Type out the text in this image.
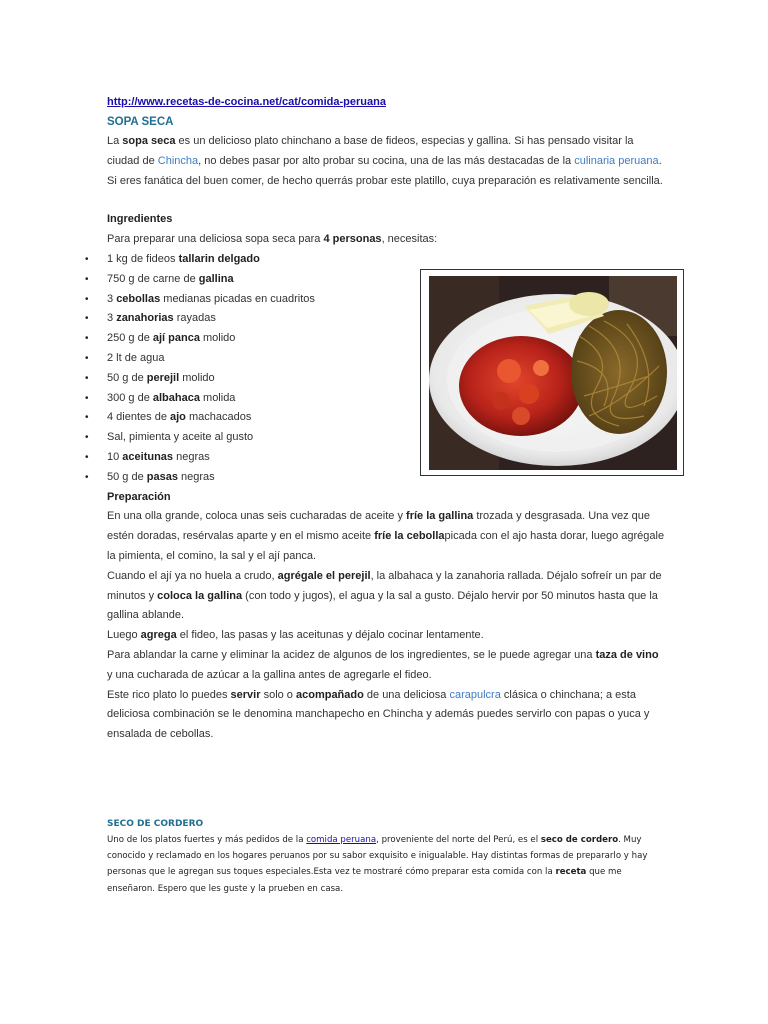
http://www.recetas-de-cocina.net/cat/comida-peruana

SOPA SECA

La sopa seca es un delicioso plato chinchano a base de fideos, especias y gallina. Si has pensado visitar la ciudad de Chincha, no debes pasar por alto probar su cocina, una de las más destacadas de la culinaria peruana. Si eres fanática del buen comer, de hecho querrás probar este platillo, cuya preparación es relativamente sencilla.

Ingredientes

Para preparar una deliciosa sopa seca para 4 personas, necesitas:

• 1 kg de fideos tallarin delgado
• 750 g de carne de gallina
• 3 cebollas medianas picadas en cuadritos
• 3 zanahorias rayadas
• 250 g de ají panca molido
• 2 lt de agua
• 50 g de perejil molido
• 300 g de albahaca molida
• 4 dientes de ajo machacados
• Sal, pimienta y aceite al gusto
• 10 aceitunas negras
• 50 g de pasas negras

Preparación

En una olla grande, coloca unas seis cucharadas de aceite y fríe la gallina trozada y desgrasada. Una vez que estén doradas, resérvalas aparte y en el mismo aceite fríe la cebollapicada con el ajo hasta dorar, luego agrégale la pimienta, el comino, la sal y el ají panca.

Cuando el ají ya no huela a crudo, agrégale el perejil, la albahaca y la zanahoria rallada. Déjalo sofreír un par de minutos y coloca la gallina (con todo y jugos), el agua y la sal a gusto. Déjalo hervir por 50 minutos hasta que la gallina ablande.

Luego agrega el fideo, las pasas y las aceitunas y déjalo cocinar lentamente.

Para ablandar la carne y eliminar la acidez de algunos de los ingredientes, se le puede agregar una taza de vino y una cucharada de azúcar a la gallina antes de agregarle el fideo.

Este rico plato lo puedes servir solo o acompañado de una deliciosa carapulcra clásica o chinchana; a esta deliciosa combinación se le denomina manchapecho en Chincha y además puedes servirlo con papas o yuca y ensalada de cebollas.

SECO DE CORDERO

Uno de los platos fuertes y más pedidos de la comida peruana, proveniente del norte del Perú, es el seco de cordero. Muy conocido y reclamado en los hogares peruanos por su sabor exquisito e inigualable. Hay distintas formas de prepararlo y hay personas que le agregan sus toques especiales.Esta vez te mostraré cómo preparar esta comida con la receta que me enseñaron. Espero que les guste y la prueben en casa.
